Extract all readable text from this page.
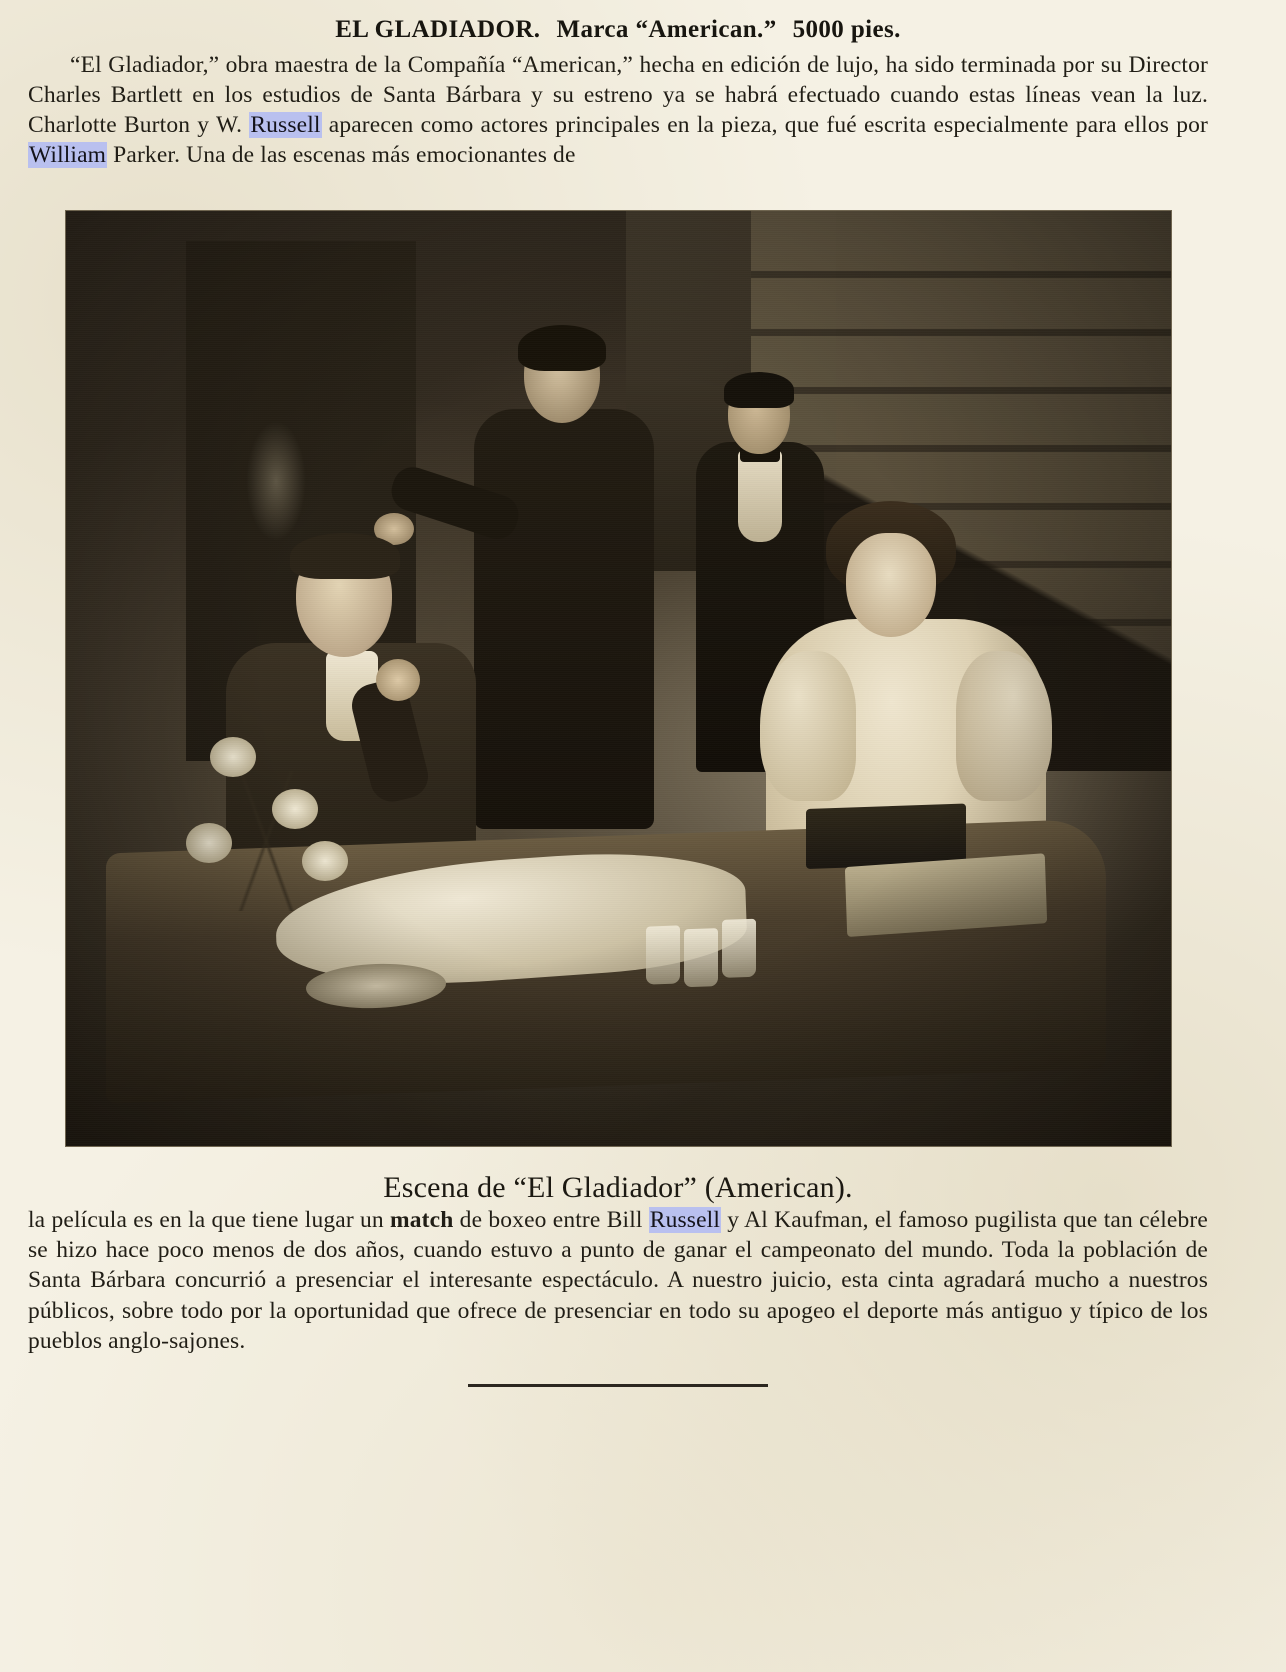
EL GLADIADOR. Marca “American.” 5000 pies.

“El Gladiador,” obra maestra de la Compañía “American,” hecha en edición de lujo, ha sido terminada por su Director Charles Bartlett en los estudios de Santa Bárbara y su estreno ya se habrá efectuado cuando estas líneas vean la luz. Charlotte Burton y W. Russell aparecen como actores principales en la pieza, que fué escrita especialmente para ellos por William Parker. Una de las escenas más emocionantes de

Escena de “El Gladiador” (American).

la película es en la que tiene lugar un match de boxeo entre Bill Russell y Al Kaufman, el famoso pugilista que tan célebre se hizo hace poco menos de dos años, cuando estuvo a punto de ganar el campeonato del mundo. Toda la población de Santa Bárbara concurrió a presenciar el interesante espectáculo. A nuestro juicio, esta cinta agradará mucho a nuestros públicos, sobre todo por la oportunidad que ofrece de presenciar en todo su apogeo el deporte más antiguo y típico de los pueblos anglo-sajones.
